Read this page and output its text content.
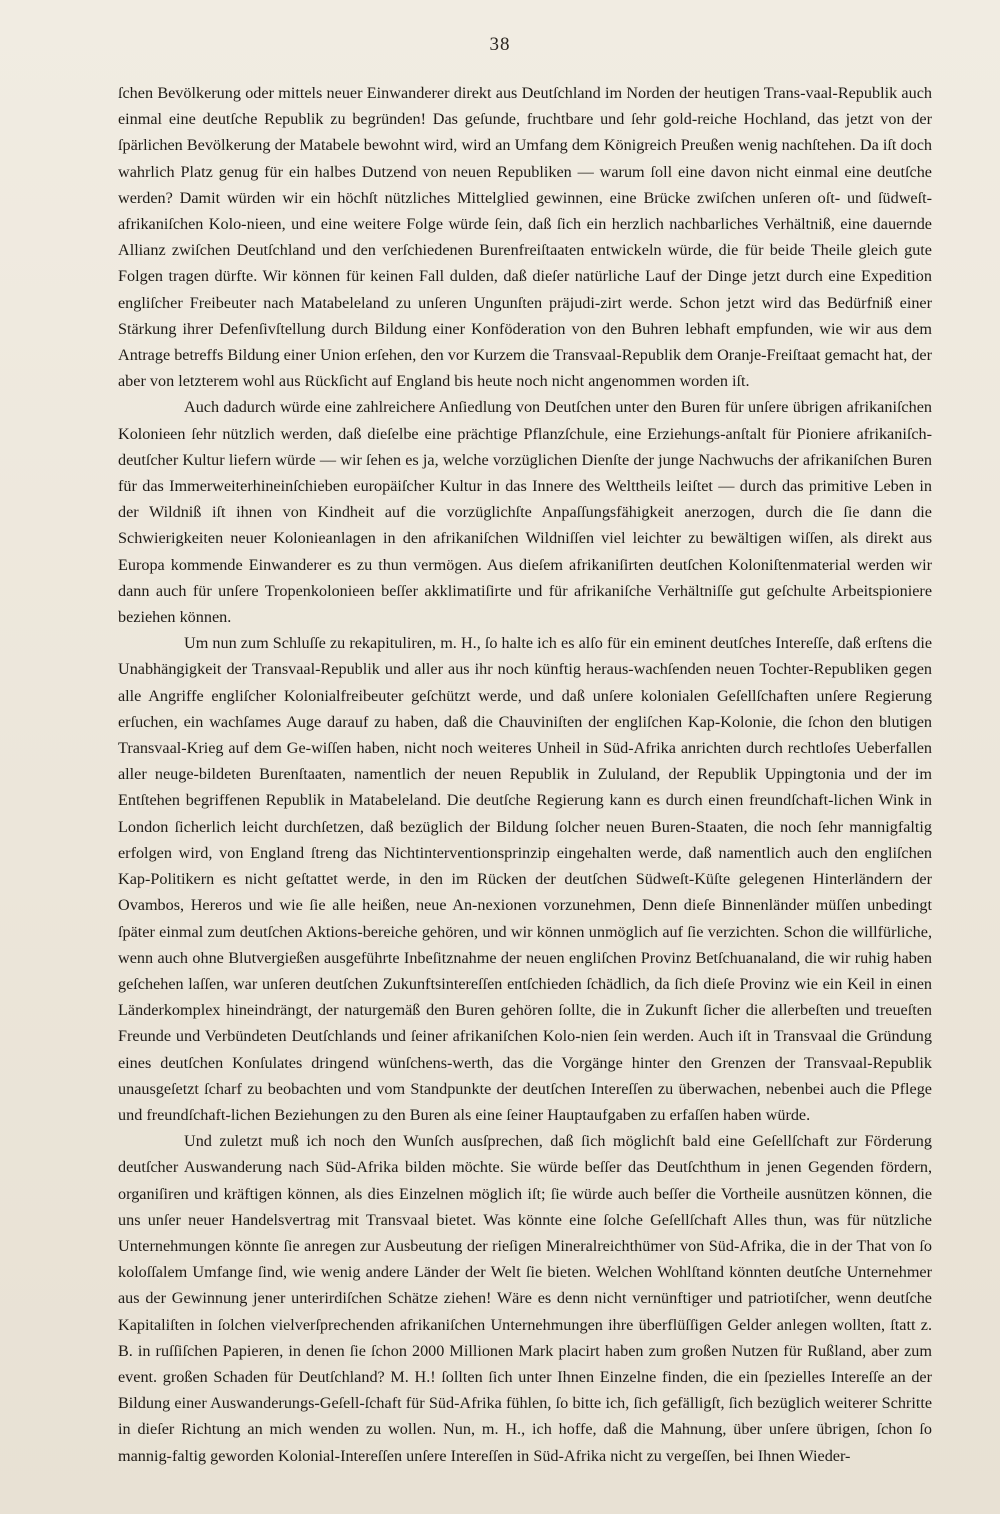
38

ſchen Bevölkerung oder mittels neuer Einwanderer direkt aus Deutſchland im Norden der heutigen Trans-vaal-Republik auch einmal eine deutſche Republik zu begründen! Das geſunde, fruchtbare und ſehr gold-reiche Hochland, das jetzt von der ſpärlichen Bevölkerung der Matabele bewohnt wird, wird an Umfang dem Königreich Preußen wenig nachſtehen. Da iſt doch wahrlich Platz genug für ein halbes Dutzend von neuen Republiken — warum ſoll eine davon nicht einmal eine deutſche werden? Damit würden wir ein höchſt nützliches Mittelglied gewinnen, eine Brücke zwiſchen unſeren oſt- und ſüdweſt-afrikaniſchen Kolo-nieen, und eine weitere Folge würde ſein, daß ſich ein herzlich nachbarliches Verhältniß, eine dauernde Allianz zwiſchen Deutſchland und den verſchiedenen Burenfreiſtaaten entwickeln würde, die für beide Theile gleich gute Folgen tragen dürfte. Wir können für keinen Fall dulden, daß dieſer natürliche Lauf der Dinge jetzt durch eine Expedition engliſcher Freibeuter nach Matabeleland zu unſeren Ungunſten präjudi-zirt werde. Schon jetzt wird das Bedürfniß einer Stärkung ihrer Defenſivſtellung durch Bildung einer Konföderation von den Buhren lebhaft empfunden, wie wir aus dem Antrage betreffs Bildung einer Union erſehen, den vor Kurzem die Transvaal-Republik dem Oranje-Freiſtaat gemacht hat, der aber von letzterem wohl aus Rückſicht auf England bis heute noch nicht angenommen worden iſt.

Auch dadurch würde eine zahlreichere Anſiedlung von Deutſchen unter den Buren für unſere übrigen afrikaniſchen Kolonieen ſehr nützlich werden, daß dieſelbe eine prächtige Pflanzſchule, eine Erziehungs-anſtalt für Pioniere afrikaniſch-deutſcher Kultur liefern würde — wir ſehen es ja, welche vorzüglichen Dienſte der junge Nachwuchs der afrikaniſchen Buren für das Immerweiterhineinſchieben europäiſcher Kultur in das Innere des Welttheils leiſtet — durch das primitive Leben in der Wildniß iſt ihnen von Kindheit auf die vorzüglichſte Anpaſſungsfähigkeit anerzogen, durch die ſie dann die Schwierigkeiten neuer Kolonieanlagen in den afrikaniſchen Wildniſſen viel leichter zu bewältigen wiſſen, als direkt aus Europa kommende Einwanderer es zu thun vermögen. Aus dieſem afrikaniſirten deutſchen Koloniſtenmaterial werden wir dann auch für unſere Tropenkolonieen beſſer akklimatiſirte und für afrikaniſche Verhältniſſe gut geſchulte Arbeitspioniere beziehen können.

Um nun zum Schluſſe zu rekapituliren, m. H., ſo halte ich es alſo für ein eminent deutſches Intereſſe, daß erſtens die Unabhängigkeit der Transvaal-Republik und aller aus ihr noch künftig heraus-wachſenden neuen Tochter-Republiken gegen alle Angriffe engliſcher Kolonialfreibeuter geſchützt werde, und daß unſere kolonialen Geſellſchaften unſere Regierung erſuchen, ein wachſames Auge darauf zu haben, daß die Chauviniſten der engliſchen Kap-Kolonie, die ſchon den blutigen Transvaal-Krieg auf dem Ge-wiſſen haben, nicht noch weiteres Unheil in Süd-Afrika anrichten durch rechtloſes Ueberfallen aller neuge-bildeten Burenſtaaten, namentlich der neuen Republik in Zululand, der Republik Uppingtonia und der im Entſtehen begriffenen Republik in Matabeleland. Die deutſche Regierung kann es durch einen freundſchaft-lichen Wink in London ſicherlich leicht durchſetzen, daß bezüglich der Bildung ſolcher neuen Buren-Staaten, die noch ſehr mannigfaltig erfolgen wird, von England ſtreng das Nichtinterventionsprinzip eingehalten werde, daß namentlich auch den engliſchen Kap-Politikern es nicht geſtattet werde, in den im Rücken der deutſchen Südweſt-Küſte gelegenen Hinterländern der Ovambos, Hereros und wie ſie alle heißen, neue An-nexionen vorzunehmen, Denn dieſe Binnenländer müſſen unbedingt ſpäter einmal zum deutſchen Aktions-bereiche gehören, und wir können unmöglich auf ſie verzichten. Schon die willfürliche, wenn auch ohne Blutvergießen ausgeführte Inbeſitznahme der neuen engliſchen Provinz Betſchuanaland, die wir ruhig haben geſchehen laſſen, war unſeren deutſchen Zukunftsintereſſen entſchieden ſchädlich, da ſich dieſe Provinz wie ein Keil in einen Länderkomplex hineindrängt, der naturgemäß den Buren gehören ſollte, die in Zukunft ſicher die allerbeſten und treueſten Freunde und Verbündeten Deutſchlands und ſeiner afrikaniſchen Kolo-nien ſein werden. Auch iſt in Transvaal die Gründung eines deutſchen Konſulates dringend wünſchens-werth, das die Vorgänge hinter den Grenzen der Transvaal-Republik unausgeſetzt ſcharf zu beobachten und vom Standpunkte der deutſchen Intereſſen zu überwachen, nebenbei auch die Pflege und freundſchaft-lichen Beziehungen zu den Buren als eine ſeiner Hauptaufgaben zu erfaſſen haben würde.

Und zuletzt muß ich noch den Wunſch ausſprechen, daß ſich möglichſt bald eine Geſellſchaft zur Förderung deutſcher Auswanderung nach Süd-Afrika bilden möchte. Sie würde beſſer das Deutſchthum in jenen Gegenden fördern, organiſiren und kräftigen können, als dies Einzelnen möglich iſt; ſie würde auch beſſer die Vortheile ausnützen können, die uns unſer neuer Handelsvertrag mit Transvaal bietet. Was könnte eine ſolche Geſellſchaft Alles thun, was für nützliche Unternehmungen könnte ſie anregen zur Ausbeutung der rieſigen Mineralreichthümer von Süd-Afrika, die in der That von ſo koloſſalem Umfange ſind, wie wenig andere Länder der Welt ſie bieten. Welchen Wohlſtand könnten deutſche Unternehmer aus der Gewinnung jener unterirdiſchen Schätze ziehen! Wäre es denn nicht vernünftiger und patriotiſcher, wenn deutſche Kapitaliſten in ſolchen vielverſprechenden afrikaniſchen Unternehmungen ihre überflüſſigen Gelder anlegen wollten, ſtatt z. B. in ruſſiſchen Papieren, in denen ſie ſchon 2000 Millionen Mark placirt haben zum großen Nutzen für Rußland, aber zum event. großen Schaden für Deutſchland? M. H.! ſollten ſich unter Ihnen Einzelne finden, die ein ſpezielles Intereſſe an der Bildung einer Auswanderungs-Geſell-ſchaft für Süd-Afrika fühlen, ſo bitte ich, ſich gefälligſt, ſich bezüglich weiterer Schritte in dieſer Richtung an mich wenden zu wollen. Nun, m. H., ich hoffe, daß die Mahnung, über unſere übrigen, ſchon ſo mannig-faltig geworden Kolonial-Intereſſen unſere Intereſſen in Süd-Afrika nicht zu vergeſſen, bei Ihnen Wieder-
